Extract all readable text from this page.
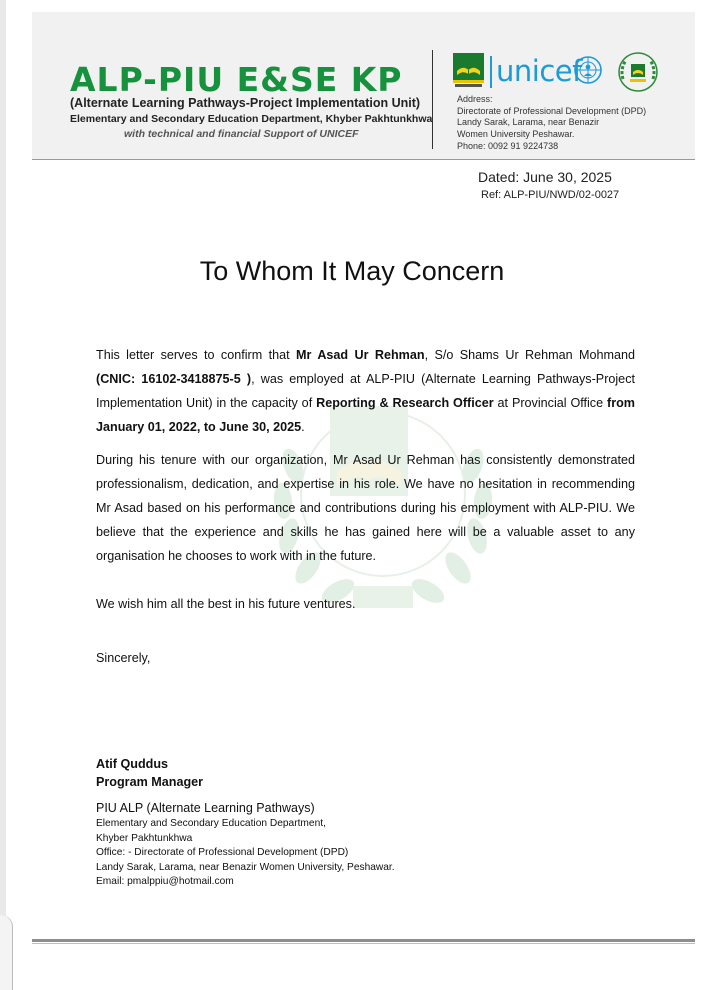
ALP-PIU E&SE KP
(Alternate Learning Pathways-Project Implementation Unit)
Elementary and Secondary Education Department, Khyber Pakhtunkhwa
with technical and financial Support of UNICEF
unicef
Address:
Directorate of Professional Development (DPD)
Landy Sarak, Larama, near Benazir
Women University Peshawar.
Phone: 0092 91 9224738
Dated: June 30, 2025
Ref: ALP-PIU/NWD/02-0027
To Whom It May Concern

This letter serves to confirm that Mr Asad Ur Rehman, S/o Shams Ur Rehman Mohmand (CNIC: 16102-3418875-5 ), was employed at ALP-PIU (Alternate Learning Pathways-Project Implementation Unit) in the capacity of Reporting & Research Officer at Provincial Office from January 01, 2022, to June 30, 2025.

During his tenure with our organization, Mr Asad Ur Rehman has consistently demonstrated professionalism, dedication, and expertise in his role. We have no hesitation in recommending Mr Asad based on his performance and contributions during his employment with ALP-PIU. We believe that the experience and skills he has gained here will be a valuable asset to any organisation he chooses to work with in the future.

We wish him all the best in his future ventures.

Sincerely,

Atif Quddus
Program Manager
PIU ALP (Alternate Learning Pathways)
Elementary and Secondary Education Department,
Khyber Pakhtunkhwa
Office: - Directorate of Professional Development (DPD)
Landy Sarak, Larama, near Benazir Women University, Peshawar.
Email: pmalppiu@hotmail.com
